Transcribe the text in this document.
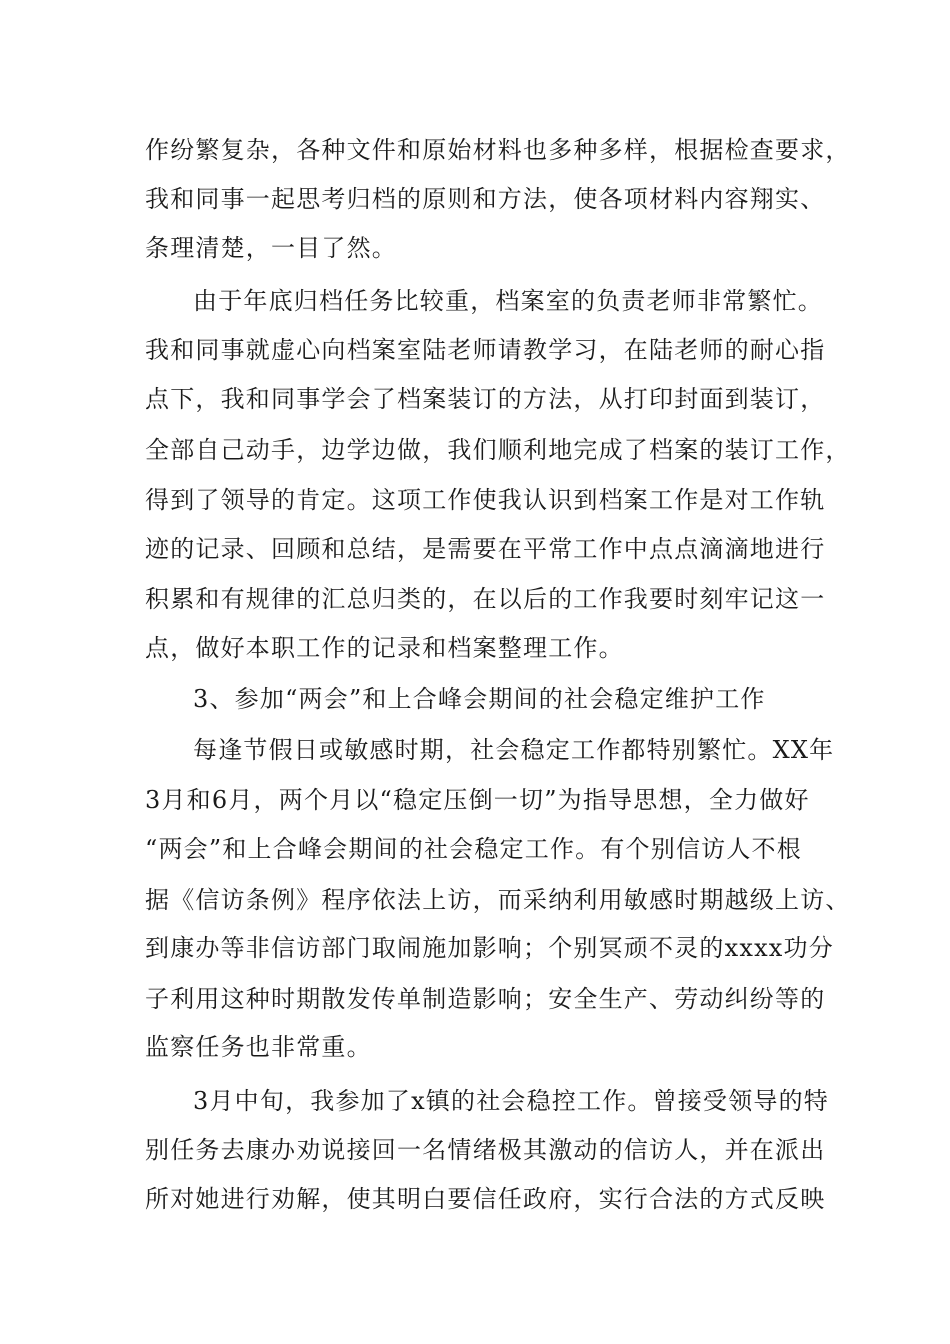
作纷繁复杂，各种文件和原始材料也多种多样，根据检查要求，
我和同事一起思考归档的原则和方法，使各项材料内容翔实、
条理清楚，一目了然。
由于年底归档任务比较重，档案室的负责老师非常繁忙。
我和同事就虚心向档案室陆老师请教学习，在陆老师的耐心指
点下，我和同事学会了档案装订的方法，从打印封面到装订，
全部自己动手，边学边做，我们顺利地完成了档案的装订工作，
得到了领导的肯定。这项工作使我认识到档案工作是对工作轨
迹的记录、回顾和总结，是需要在平常工作中点点滴滴地进行
积累和有规律的汇总归类的，在以后的工作我要时刻牢记这一
点，做好本职工作的记录和档案整理工作。
3、参加“两会”和上合峰会期间的社会稳定维护工作
每逢节假日或敏感时期，社会稳定工作都特别繁忙。XX年
3月和6月，两个月以“稳定压倒一切”为指导思想，全力做好
“两会”和上合峰会期间的社会稳定工作。有个别信访人不根
据《信访条例》程序依法上访，而采纳利用敏感时期越级上访、
到康办等非信访部门取闹施加影响；个别冥顽不灵的xxxx功分
子利用这种时期散发传单制造影响；安全生产、劳动纠纷等的
监察任务也非常重。
3月中旬，我参加了x镇的社会稳控工作。曾接受领导的特
别任务去康办劝说接回一名情绪极其激动的信访人，并在派出
所对她进行劝解，使其明白要信任政府，实行合法的方式反映
